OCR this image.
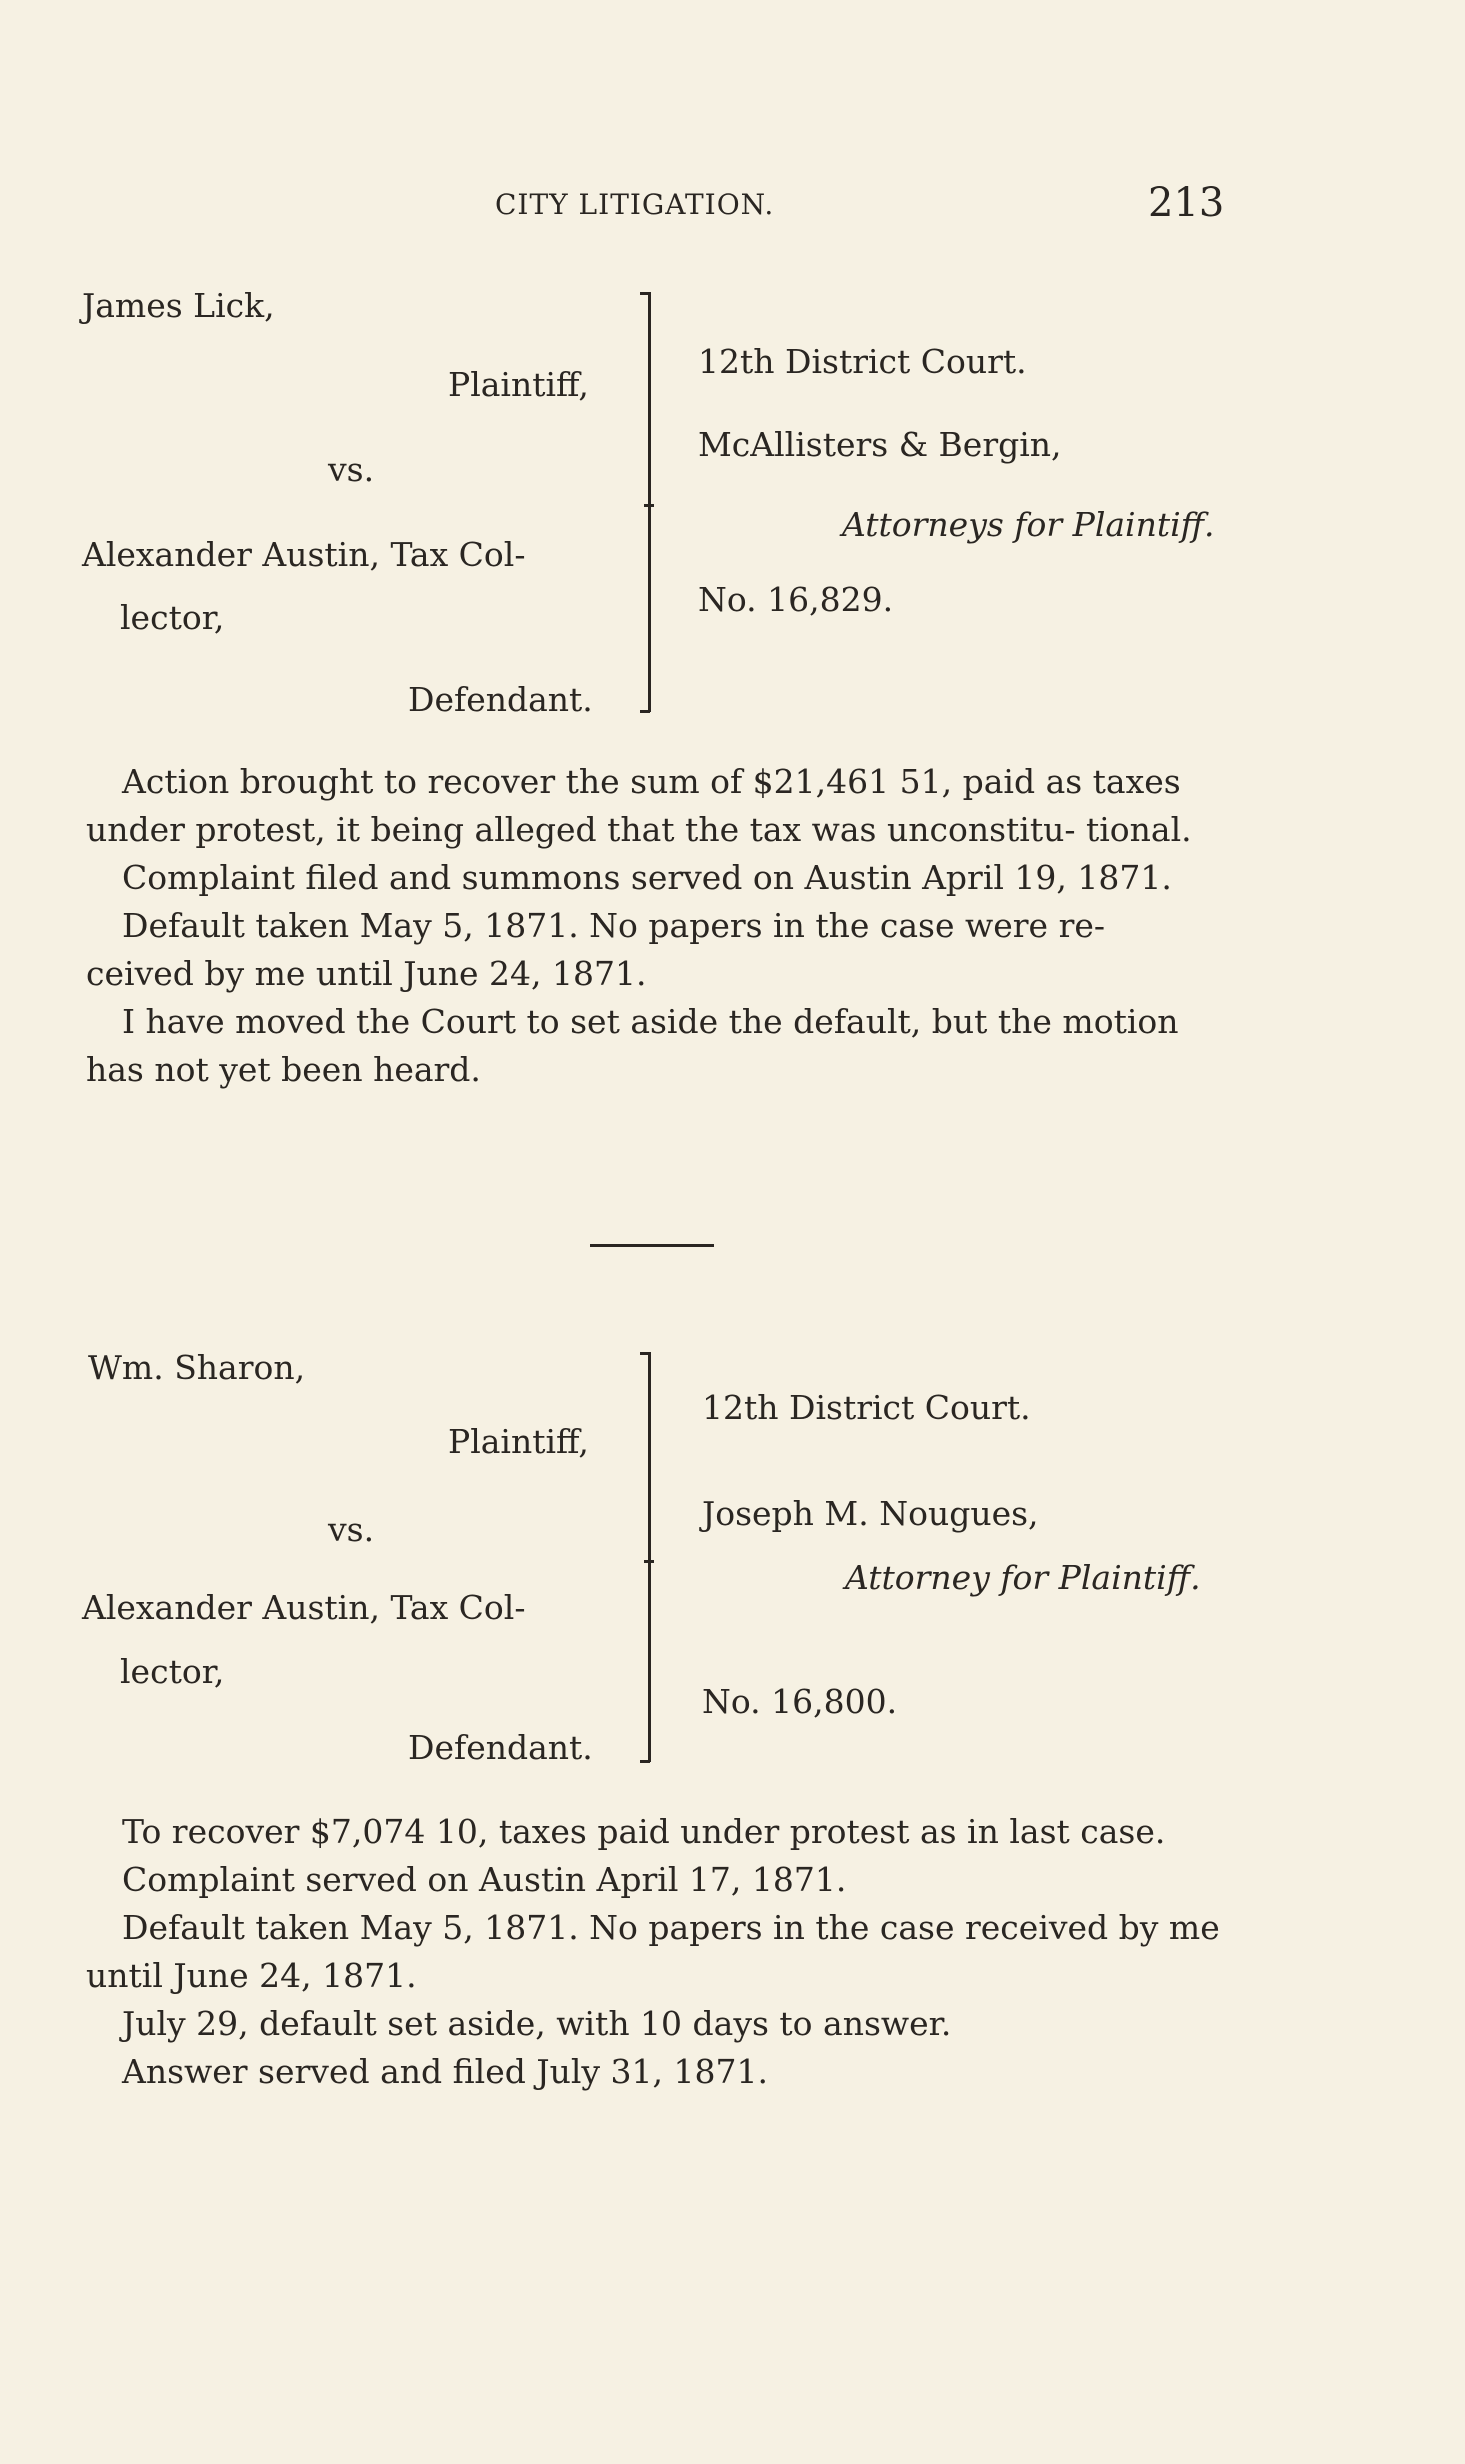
CITY LITIGATION.	213
James Lick,
Plaintiff,
vs.
Alexander Austin, Tax Col-
lector,
Defendant.
12th District Court.
McAllisters & Bergin,
Attorneys for Plaintiff.
No. 16,829.

Action brought to recover the sum of $21,461 51, paid as taxes under protest, it being alleged that the tax was unconstitu- tional.

Complaint filed and summons served on Austin April 19, 1871.

Default taken May 5, 1871. No papers in the case were re- ceived by me until June 24, 1871.

I have moved the Court to set aside the default, but the motion has not yet been heard.

Wm. Sharon,
Plaintiff,
vs.
Alexander Austin, Tax Col-
lector,
Defendant.
12th District Court.
Joseph M. Nougues,
Attorney for Plaintiff.
No. 16,800.

To recover $7,074 10, taxes paid under protest as in last case.

Complaint served on Austin April 17, 1871.

Default taken May 5, 1871. No papers in the case received by me until June 24, 1871.

July 29, default set aside, with 10 days to answer.

Answer served and filed July 31, 1871.
